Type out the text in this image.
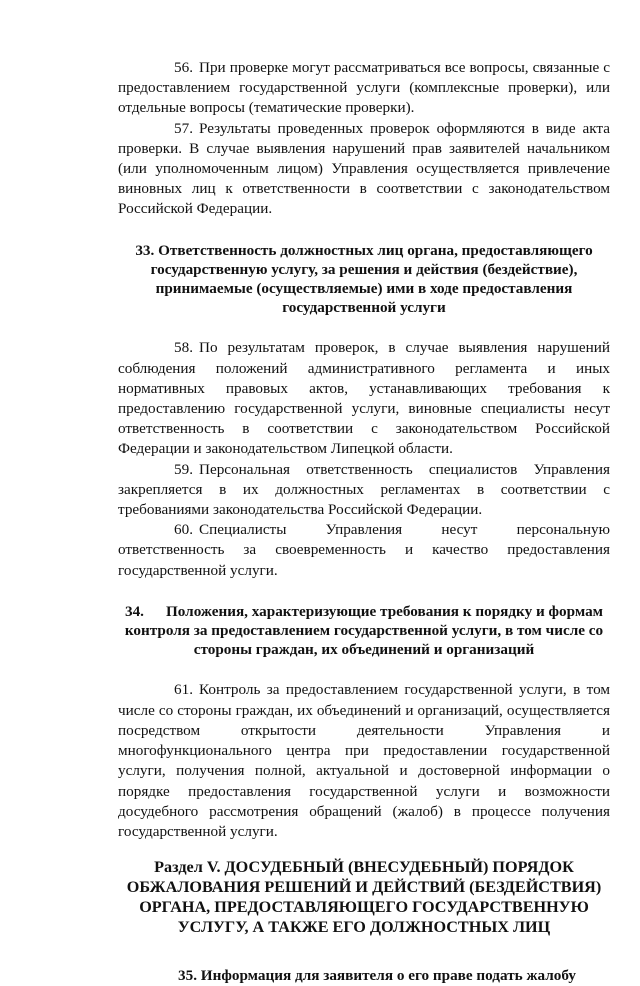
56. При проверке могут рассматриваться все вопросы, связанные с предоставлением государственной услуги (комплексные проверки), или отдельные вопросы (тематические проверки).

57. Результаты проведенных проверок оформляются в виде акта проверки. В случае выявления нарушений прав заявителей начальником (или уполномоченным лицом) Управления осуществляется привлечение виновных лиц к ответственности в соответствии с законодательством Российской Федерации.

33. Ответственность должностных лиц органа, предоставляющего государственную услугу, за решения и действия (бездействие), принимаемые (осуществляемые) ими в ходе предоставления государственной услуги

58. По результатам проверок, в случае выявления нарушений соблюдения положений административного регламента и иных нормативных правовых актов, устанавливающих требования к предоставлению государственной услуги, виновные специалисты несут ответственность в соответствии с законодательством Российской Федерации и законодательством Липецкой области.

59. Персональная ответственность специалистов Управления закрепляется в их должностных регламентах в соответствии с требованиями законодательства Российской Федерации.

60. Специалисты Управления несут персональную ответственность за своевременность и качество предоставления государственной услуги.

34. Положения, характеризующие требования к порядку и формам контроля за предоставлением государственной услуги, в том числе со стороны граждан, их объединений и организаций

61. Контроль за предоставлением государственной услуги, в том числе со стороны граждан, их объединений и организаций, осуществляется посредством открытости деятельности Управления и многофункционального центра при предоставлении государственной услуги, получения полной, актуальной и достоверной информации о порядке предоставления государственной услуги и возможности досудебного рассмотрения обращений (жалоб) в процессе получения государственной услуги.

Раздел V. ДОСУДЕБНЫЙ (ВНЕСУДЕБНЫЙ) ПОРЯДОК ОБЖАЛОВАНИЯ РЕШЕНИЙ И ДЕЙСТВИЙ (БЕЗДЕЙСТВИЯ) ОРГАНА, ПРЕДОСТАВЛЯЮЩЕГО ГОСУДАРСТВЕННУЮ УСЛУГУ, А ТАКЖЕ ЕГО ДОЛЖНОСТНЫХ ЛИЦ

35. Информация для заявителя о его праве подать жалобу
